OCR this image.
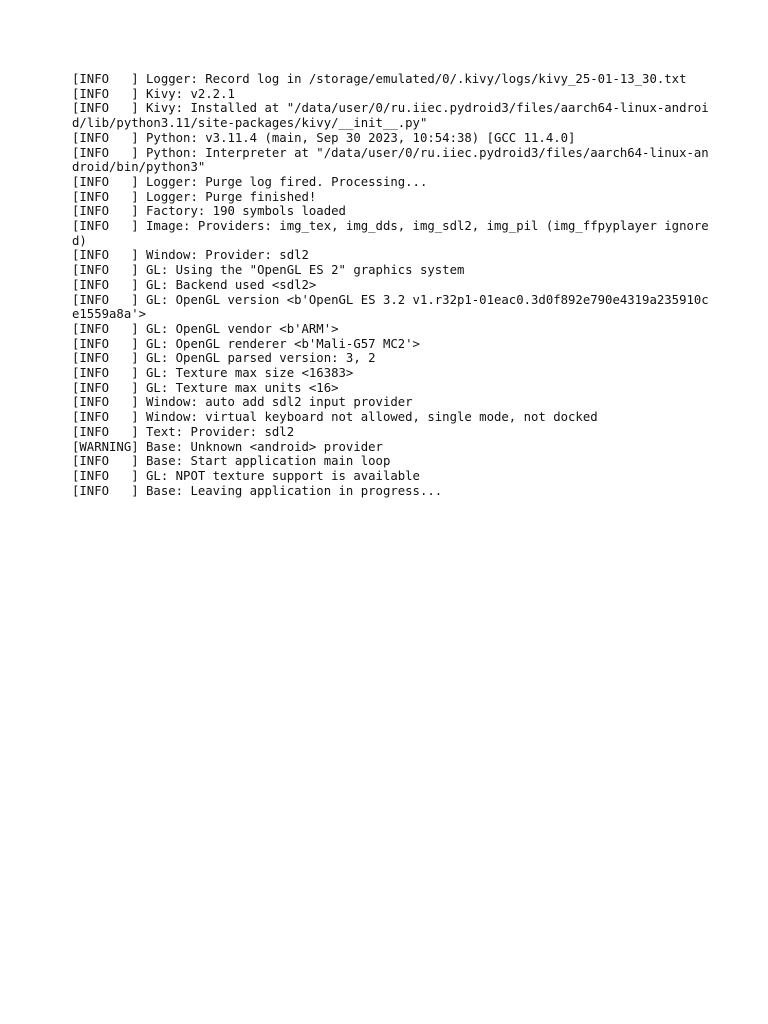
[INFO   ] Logger: Record log in /storage/emulated/0/.kivy/logs/kivy_25-01-13_30.txt
[INFO   ] Kivy: v2.2.1
[INFO   ] Kivy: Installed at "/data/user/0/ru.iiec.pydroid3/files/aarch64-linux-android/lib/python3.11/site-packages/kivy/__init__.py"
[INFO   ] Python: v3.11.4 (main, Sep 30 2023, 10:54:38) [GCC 11.4.0]
[INFO   ] Python: Interpreter at "/data/user/0/ru.iiec.pydroid3/files/aarch64-linux-android/bin/python3"
[INFO   ] Logger: Purge log fired. Processing...
[INFO   ] Logger: Purge finished!
[INFO   ] Factory: 190 symbols loaded
[INFO   ] Image: Providers: img_tex, img_dds, img_sdl2, img_pil (img_ffpyplayer ignored)
[INFO   ] Window: Provider: sdl2
[INFO   ] GL: Using the "OpenGL ES 2" graphics system
[INFO   ] GL: Backend used <sdl2>
[INFO   ] GL: OpenGL version <b'OpenGL ES 3.2 v1.r32p1-01eac0.3d0f892e790e4319a235910ce1559a8a'>
[INFO   ] GL: OpenGL vendor <b'ARM'>
[INFO   ] GL: OpenGL renderer <b'Mali-G57 MC2'>
[INFO   ] GL: OpenGL parsed version: 3, 2
[INFO   ] GL: Texture max size <16383>
[INFO   ] GL: Texture max units <16>
[INFO   ] Window: auto add sdl2 input provider
[INFO   ] Window: virtual keyboard not allowed, single mode, not docked
[INFO   ] Text: Provider: sdl2
[WARNING] Base: Unknown <android> provider
[INFO   ] Base: Start application main loop
[INFO   ] GL: NPOT texture support is available
[INFO   ] Base: Leaving application in progress...
